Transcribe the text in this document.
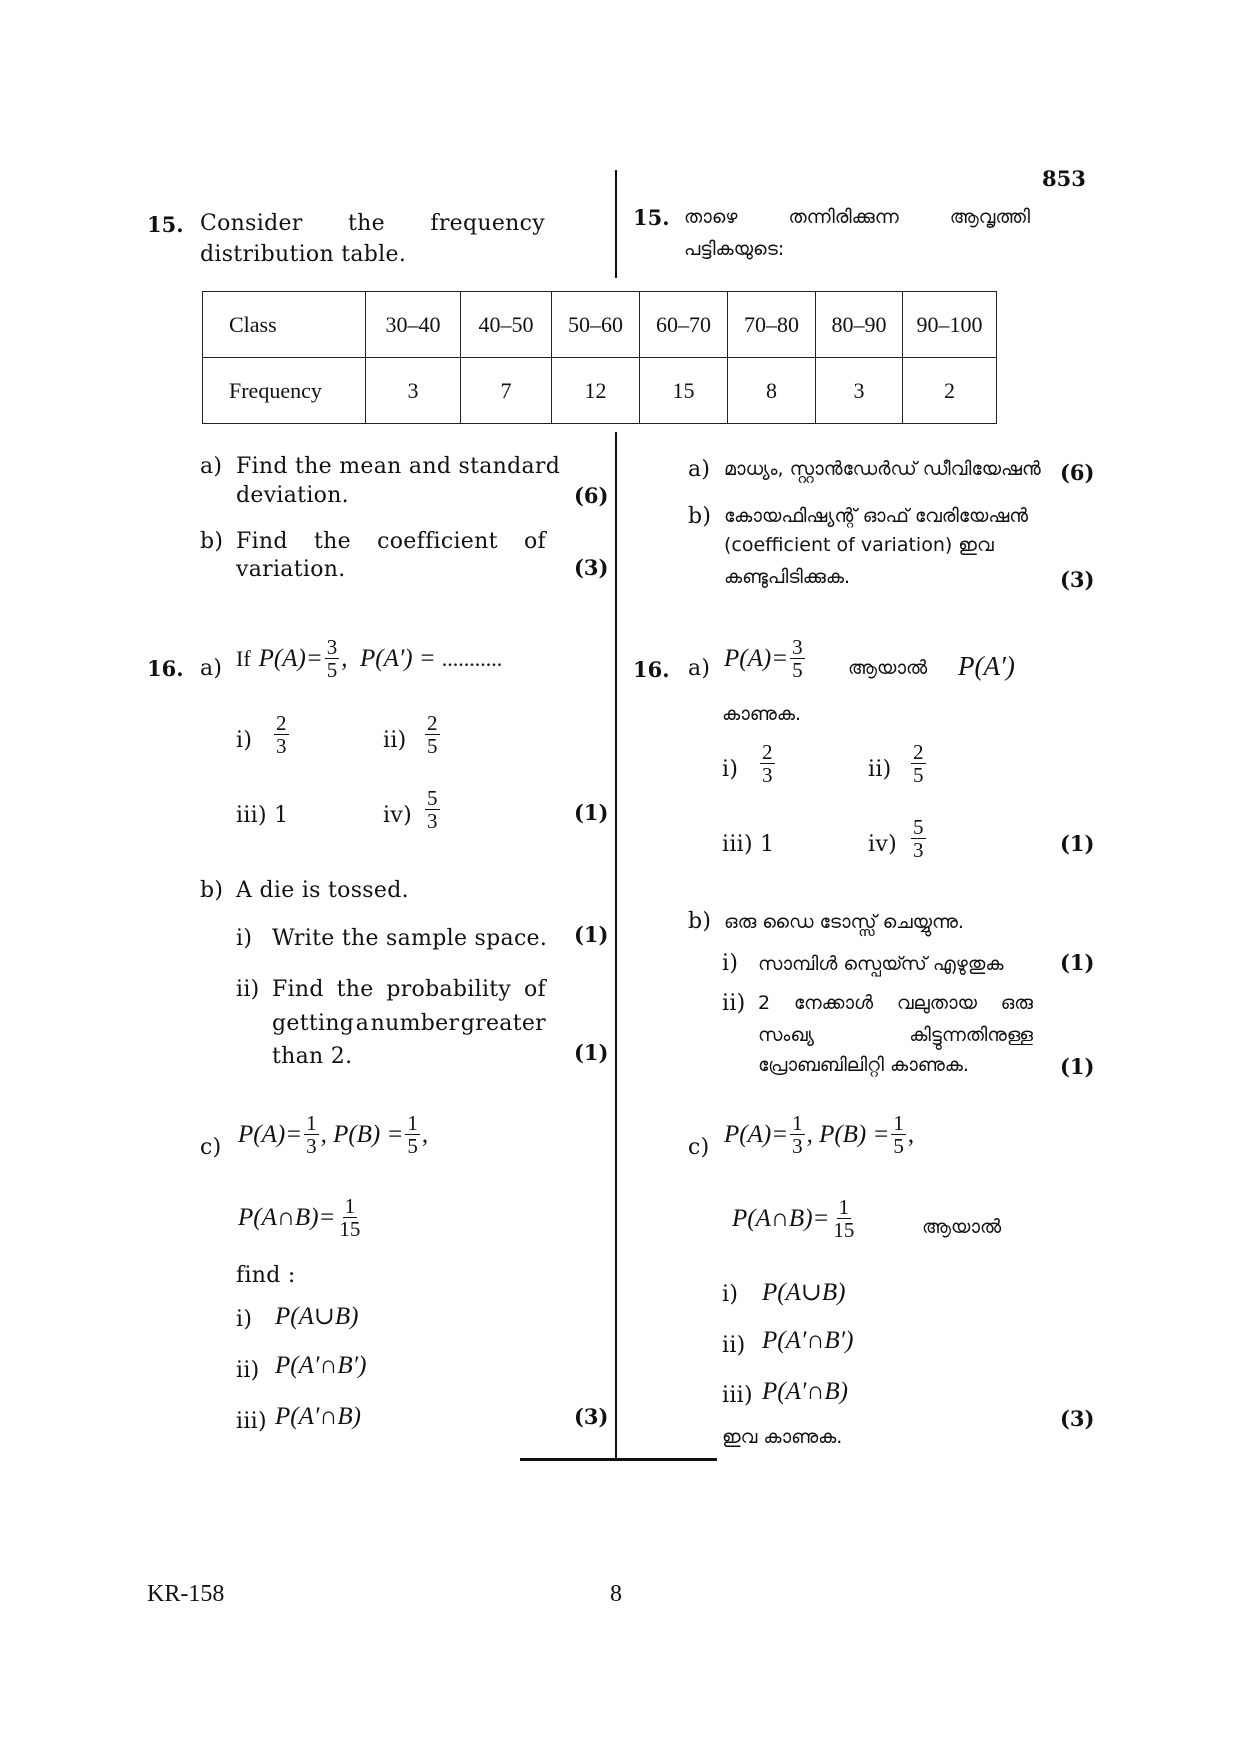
853
KR-158	8
15. Consider the frequency
distribution table.
15. താഴെ	തന്നിരിക്കുന്ന	ആവൃത്തി
പട്ടികയുടെ:
Class	30–40	40–50	50–60	60–70	70–80	80–90	90–100
Frequency	3	7	12	15	8	3	2
a) Find the mean and standard
deviation.	(6)
b) Find the coefficient of
variation.	(3)
a) മാധ്യം, സ്റ്റാൻഡേർഡ് ഡീവിയേഷൻ (6)
b) കോയഫിഷ്യന്റ് ഓഫ് വേരിയേഷൻ
(coefficient of variation) ഇവ
കണ്ടുപിടിക്കുക.	(3)
16. a) If $P(A)= \frac{3}{5}$ ,  P(A′) = ...........
$i) \frac{2}{3}$	$ii) \frac{2}{5}$
iii) 1	$iv) \frac{5}{3}$	(1)
b) A die is tossed.
i) Write the sample space. (1)
ii) Find the probability of
getting a number greater
than 2.	(1)
c) $P(A)= \frac{1}{3}$ , $P(B) = \frac{1}{5}$ ,
P(A∩B)= $\frac{1}{15}$
find :
i) P(A∪B)
ii) P(A′∩B′)
iii) P(A′∩B)	(3)
16. a) $P(A)= \frac{3}{5}$ ആയാൽ P(A′)
കാണുക.
$i) \frac{2}{3}$	$ii) \frac{2}{5}$
iii) 1	$iv) \frac{5}{3}$	(1)
b) ഒരു ഡൈ ടോസ്സ് ചെയ്യുന്നു.
i) സാമ്പിൾ സ്പെയ്സ് എഴുതുക	(1)
ii) 2 നേക്കാൾ വലുതായ ഒരു
സംഖ്യ	കിട്ടുന്നതിനുള്ള
പ്രോബബിലിറ്റി കാണുക.	(1)
c) $P(A)= \frac{1}{3}$ , $P(B) = \frac{1}{5}$ ,
P(A∩B)= $\frac{1}{15}$	ആയാൽ
i) P(A∪B)
ii) P(A′∩B′)
iii) P(A′∩B)
ഇവ കാണുക.
(3)
